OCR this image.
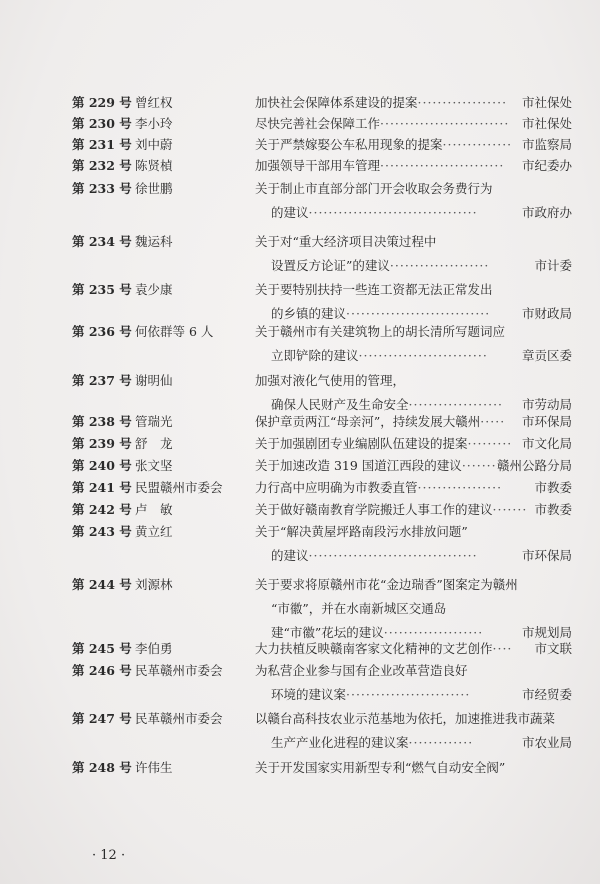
第 229 号 曾红权	加快社会保障体系建设的提案·················· 市社保处
第 230 号 李小玲	尽快完善社会保障工作·························· 市社保处
第 231 号 刘中蔚	关于严禁嫁娶公车私用现象的提案·············· 市监察局
第 232 号 陈贤楨	加强领导干部用车管理························· 市纪委办
第 233 号 徐世鹏	关于制止市直部分部门开会收取会务费行为
的建议··································	市政府办
第 234 号 魏运科	关于对“重大经济项目决策过程中
设置反方论证”的建议····················	市计委
第 235 号 袁少康	关于要特别扶持一些连工资都无法正常发出
的乡镇的建议·····························	市财政局
第 236 号 何依群等 6 人	关于赣州市有关建筑物上的胡长清所写题词应
立即铲除的建议··························	章贡区委
第 237 号 谢明仙	加强对液化气使用的管理，
确保人民财产及生命安全··················· 市劳动局
第 238 号 管瑞光	保护章贡两江“母亲河”，持续发展大赣州····· 市环保局
第 239 号 舒　龙	关于加强剧团专业编剧队伍建设的提案········· 市文化局
第 240 号 张文坚	关于加速改造 319 国道江西段的建议······· 赣州公路分局
第 241 号 民盟赣州市委会	力行高中应明确为市教委直管·················	市教委
第 242 号 卢　敏	关于做好赣南教育学院搬迁人事工作的建议······· 市教委
第 243 号 黄立红	关于“解决黄屋坪路南段污水排放问题”
的建议··································	市环保局
第 244 号 刘源林	关于要求将原赣州市花“金边瑞香”图案定为赣州
“市徽”，并在水南新城区交通岛
建“市徽”花坛的建议····················	市规划局
第 245 号 李伯勇	大力扶植反映赣南客家文化精神的文艺创作···· 市文联
第 246 号 民革赣州市委会	为私营企业参与国有企业改革营造良好
环境的建议案·························	市经贸委
第 247 号 民革赣州市委会	以赣台高科技农业示范基地为依托，加速推进我市蔬菜
生产产业化进程的建议案·············	市农业局
第 248 号 许伟生	关于开发国家实用新型专利“燃气自动安全阀”
· 12 ·
